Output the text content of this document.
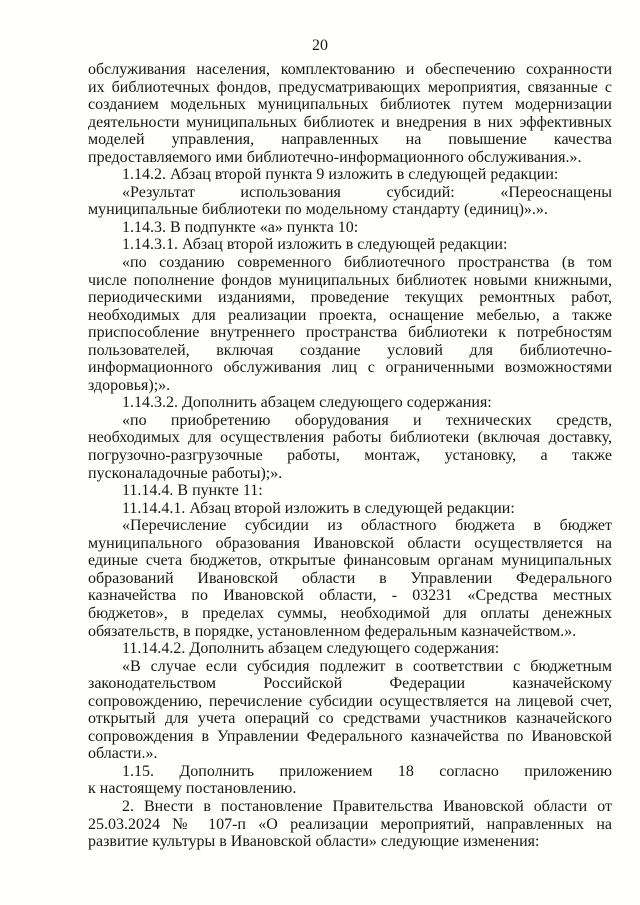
20
обслуживания населения, комплектованию и обеспечению сохранности
их библиотечных фондов, предусматривающих мероприятия, связанные с
созданием модельных муниципальных библиотек путем модернизации
деятельности муниципальных библиотек и внедрения в них эффективных
моделей управления, направленных на повышение качества
предоставляемого ими библиотечно-информационного обслуживания.».
1.14.2. Абзац второй пункта 9 изложить в следующей редакции:
«Результат использования субсидий: «Переоснащены
муниципальные библиотеки по модельному стандарту (единиц)».».
1.14.3. В подпункте «а» пункта 10:
1.14.3.1. Абзац второй изложить в следующей редакции:
«по созданию современного библиотечного пространства (в том
числе пополнение фондов муниципальных библиотек новыми книжными,
периодическими изданиями, проведение текущих ремонтных работ,
необходимых для реализации проекта, оснащение мебелью, а также
приспособление внутреннего пространства библиотеки к потребностям
пользователей, включая создание условий для библиотечно-
информационного обслуживания лиц с ограниченными возможностями
здоровья);».
1.14.3.2. Дополнить абзацем следующего содержания:
«по приобретению оборудования и технических средств,
необходимых для осуществления работы библиотеки (включая доставку,
погрузочно-разгрузочные работы, монтаж, установку, а также
пусконаладочные работы);».
11.14.4. В пункте 11:
11.14.4.1. Абзац второй изложить в следующей редакции:
«Перечисление субсидии из областного бюджета в бюджет
муниципального образования Ивановской области осуществляется на
единые счета бюджетов, открытые финансовым органам муниципальных
образований Ивановской области в Управлении Федерального
казначейства по Ивановской области, - 03231 «Средства местных
бюджетов», в пределах суммы, необходимой для оплаты денежных
обязательств, в порядке, установленном федеральным казначейством.».
11.14.4.2. Дополнить абзацем следующего содержания:
«В случае если субсидия подлежит в соответствии с бюджетным
законодательством Российской Федерации казначейскому
сопровождению, перечисление субсидии осуществляется на лицевой счет,
открытый для учета операций со средствами участников казначейского
сопровождения в Управлении Федерального казначейства по Ивановской
области.».
1.15. Дополнить приложением 18 согласно приложению
к настоящему постановлению.
2. Внести в постановление Правительства Ивановской области от
25.03.2024 № 107-п «О реализации мероприятий, направленных на
развитие культуры в Ивановской области» следующие изменения:
